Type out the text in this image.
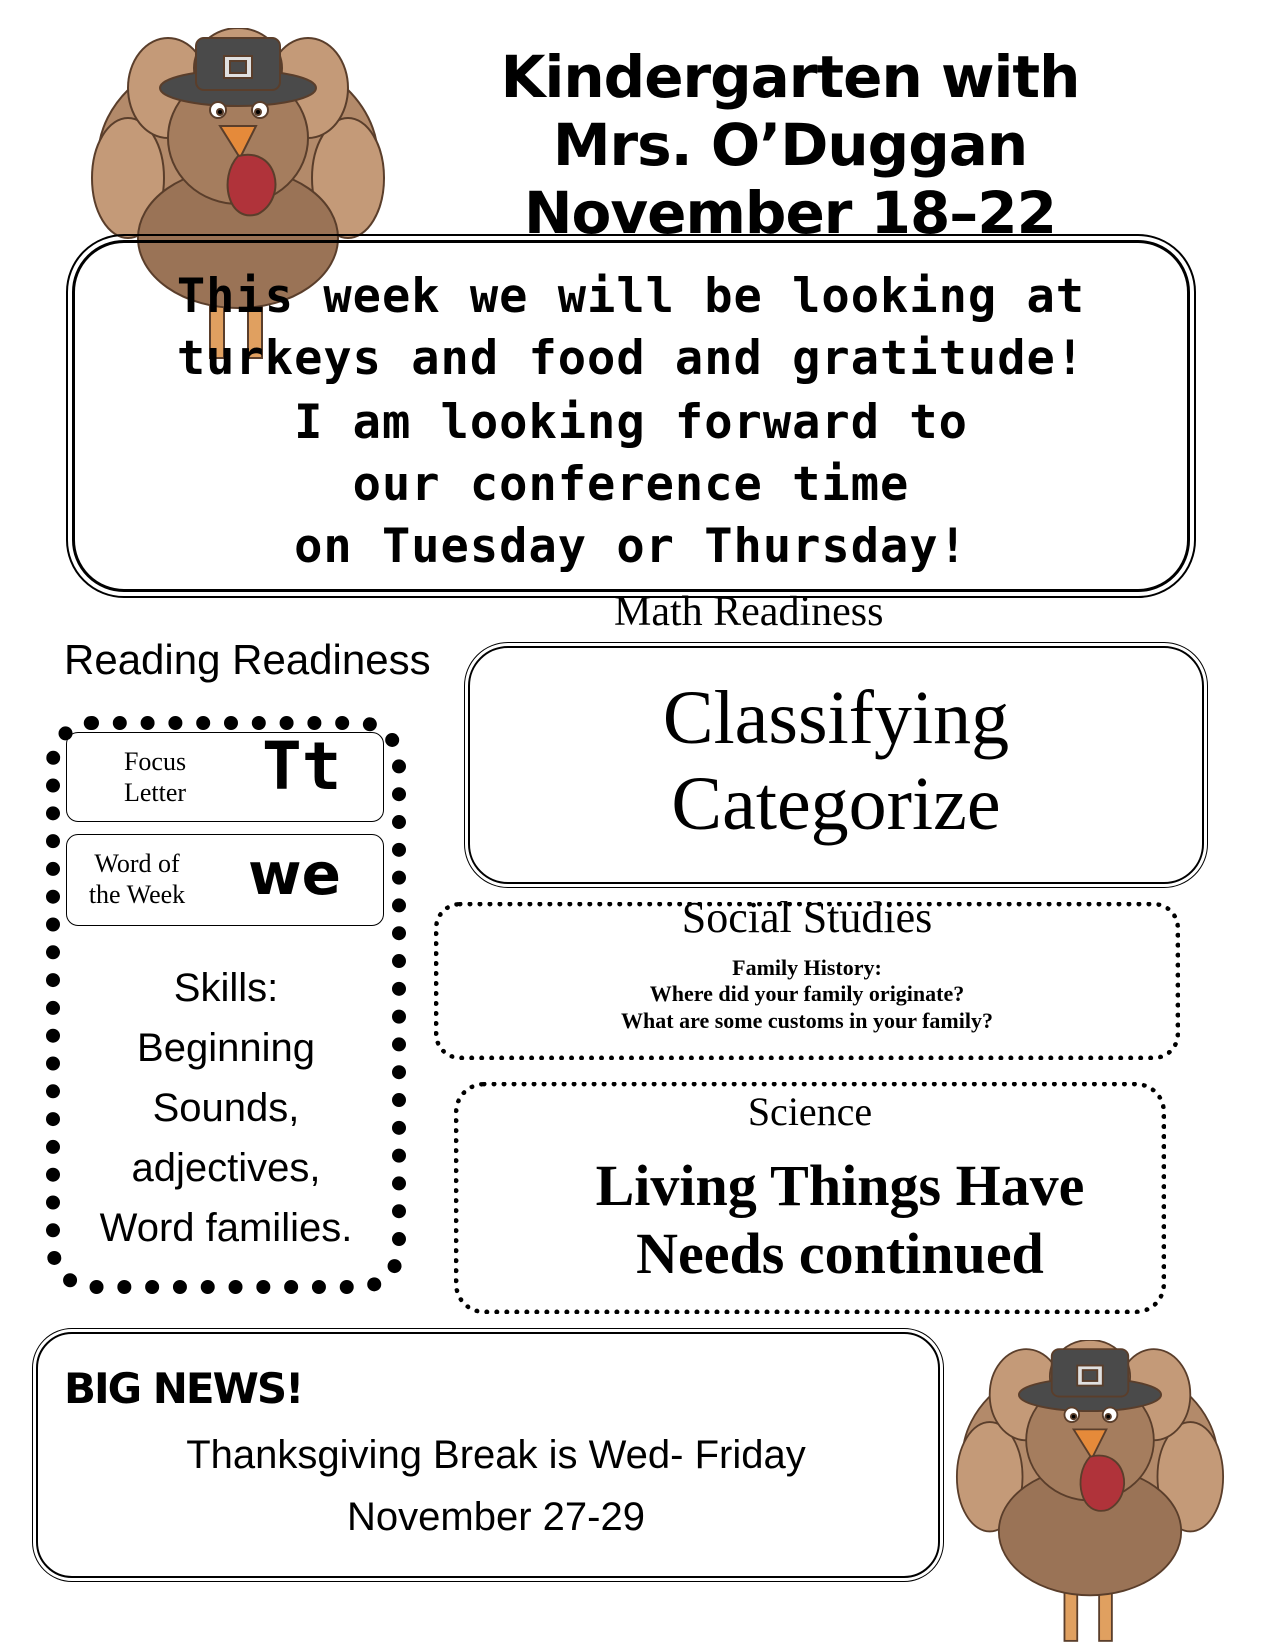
Kindergarten with
Mrs. O’Duggan
November 18–22
This week we will be looking at
turkeys and food and gratitude!
I am looking forward to
our conference time
on Tuesday or Thursday!
Math Readiness
Reading Readiness
Focus
Letter	Tt
Word of
the Week we
Skills:
Beginning
Sounds,
adjectives,
Word families.
Classifying
Categorize
Social Studies
Family History:
Where did your family originate?
What are some customs in your family?
Science
Living Things Have
Needs continued
BIG NEWS!
Thanksgiving Break is Wed- Friday
November 27-29
